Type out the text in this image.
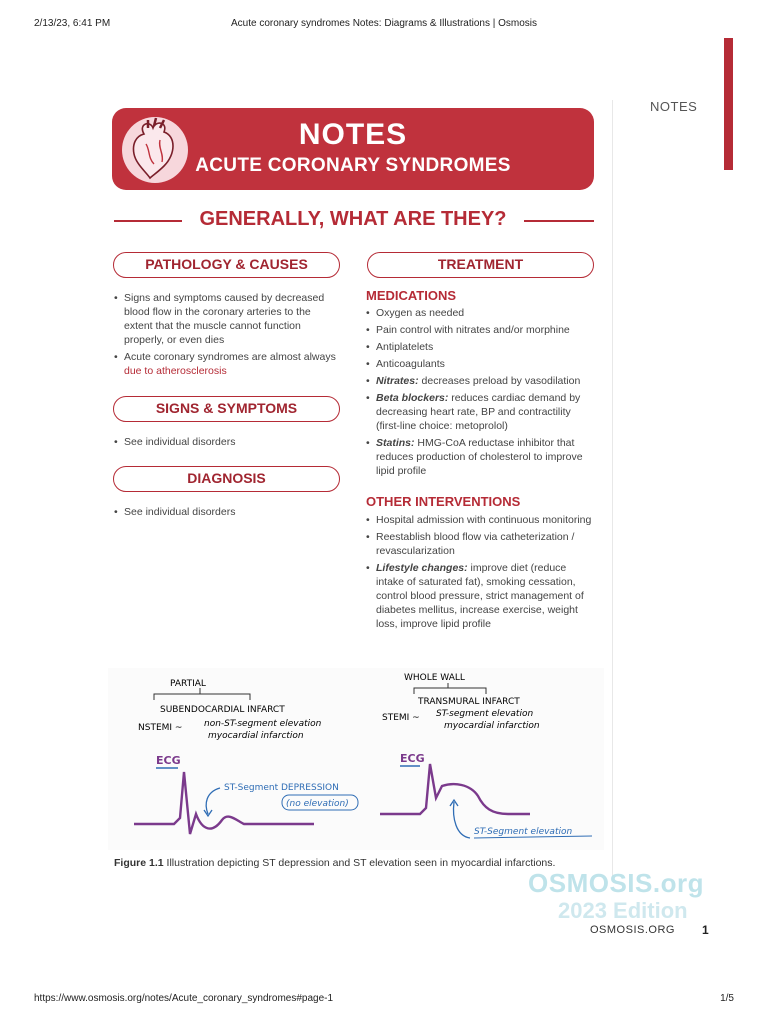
2/13/23, 6:41 PM	Acute coronary syndromes Notes: Diagrams & Illustrations | Osmosis
NOTES
NOTES
ACUTE CORONARY SYNDROMES
GENERALLY, WHAT ARE THEY?
PATHOLOGY & CAUSES
• Signs and symptoms caused by decreased blood flow in the coronary arteries to the extent that the muscle cannot function properly, or even dies
• Acute coronary syndromes are almost always due to atherosclerosis
SIGNS & SYMPTOMS
• See individual disorders
DIAGNOSIS
• See individual disorders
TREATMENT
MEDICATIONS
• Oxygen as needed
• Pain control with nitrates and/or morphine
• Antiplatelets
• Anticoagulants
• Nitrates: decreases preload by vasodilation
• Beta blockers: reduces cardiac demand by decreasing heart rate, BP and contractility (first-line choice: metoprolol)
• Statins: HMG-CoA reductase inhibitor that reduces production of cholesterol to improve lipid profile
OTHER INTERVENTIONS
• Hospital admission with continuous monitoring
• Reestablish blood flow via catheterization / revascularization
• Lifestyle changes: improve diet (reduce intake of saturated fat), smoking cessation, control blood pressure, strict management of diabetes mellitus, increase exercise, weight loss, improve lipid profile
PARTIAL
SUBENDOCARDIAL INFARCT
NSTEMI ~ non-ST-segment elevation
myocardial infarction
ECG
ST-Segment DEPRESSION
(no elevation)
WHOLE WALL
TRANSMURAL INFARCT
STEMI ~ ST-segment elevation
myocardial infarction
ECG
ST-Segment elevation
Figure 1.1 Illustration depicting ST depression and ST elevation seen in myocardial infarctions.
OSMOSIS.org
2023 Edition
OSMOSIS.ORG 1
https://www.osmosis.org/notes/Acute_coronary_syndromes#page-1	1/5
